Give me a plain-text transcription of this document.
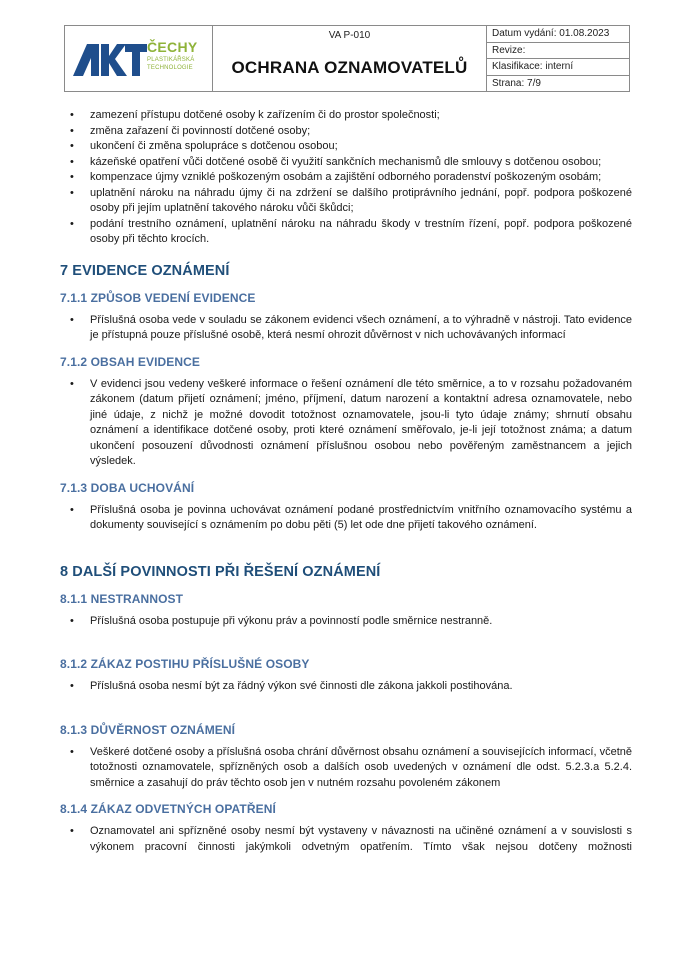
ČECHY
PLASTIKÁŘSKÁ
TECHNOLOGIE
VA P-010
OCHRANA OZNAMOVATELŮ
Datum vydání: 01.08.2023
Revize:
Klasifikace: interní
Strana: 7/9
• zamezení přístupu dotčené osoby k zařízením či do prostor společnosti;
• změna zařazení či povinností dotčené osoby;
• ukončení či změna spolupráce s dotčenou osobou;
• kázeňské opatření vůči dotčené osobě či využití sankčních mechanismů dle smlouvy s dotčenou osobou;
• kompenzace újmy vzniklé poškozeným osobám a zajištění odborného poradenství poškozeným osobám;
• uplatnění nároku na náhradu újmy či na zdržení se dalšího protiprávního jednání, popř. podpora poškozené osoby při jejím uplatnění takového nároku vůči škůdci;
• podání trestního oznámení, uplatnění nároku na náhradu škody v trestním řízení, popř. podpora poškozené osoby při těchto krocích.
7 EVIDENCE OZNÁMENÍ
7.1.1 ZPŮSOB VEDENÍ EVIDENCE
• Příslušná osoba vede v souladu se zákonem evidenci všech oznámení, a to výhradně v nástroji. Tato evidence je přístupná pouze příslušné osobě, která nesmí ohrozit důvěrnost v nich uchovávaných informací
7.1.2 OBSAH EVIDENCE
• V evidenci jsou vedeny veškeré informace o řešení oznámení dle této směrnice, a to v rozsahu požadovaném zákonem (datum přijetí oznámení; jméno, příjmení, datum narození a kontaktní adresa oznamovatele, nebo jiné údaje, z nichž je možné dovodit totožnost oznamovatele, jsou-li tyto údaje známy; shrnutí obsahu oznámení a identifikace dotčené osoby, proti které oznámení směřovalo, je-li její totožnost známa; a datum ukončení posouzení důvodnosti oznámení příslušnou osobou nebo pověřeným zaměstnancem a jejich výsledek.
7.1.3 DOBA UCHOVÁNÍ
• Příslušná osoba je povinna uchovávat oznámení podané prostřednictvím vnitřního oznamovacího systému a dokumenty související s oznámením po dobu pěti (5) let ode dne přijetí takového oznámení.
8 DALŠÍ POVINNOSTI PŘI ŘEŠENÍ OZNÁMENÍ
8.1.1 NESTRANNOST
• Příslušná osoba postupuje při výkonu práv a povinností podle směrnice nestranně.
8.1.2 ZÁKAZ POSTIHU PŘÍSLUŠNÉ OSOBY
• Příslušná osoba nesmí být za řádný výkon své činnosti dle zákona jakkoli postihována.
8.1.3 DŮVĚRNOST OZNÁMENÍ
• Veškeré dotčené osoby a příslušná osoba chrání důvěrnost obsahu oznámení a souvisejících informací, včetně totožnosti oznamovatele, spřízněných osob a dalších osob uvedených v oznámení dle odst. 5.2.3.a 5.2.4. směrnice a zasahují do práv těchto osob jen v nutném rozsahu povoleném zákonem
8.1.4 ZÁKAZ ODVETNÝCH OPATŘENÍ
• Oznamovatel ani spřízněné osoby nesmí být vystaveny v návaznosti na učiněné oznámení a v souvislosti s výkonem pracovní činnosti jakýmkoli odvetným opatřením. Tímto však nejsou dotčeny možnosti
